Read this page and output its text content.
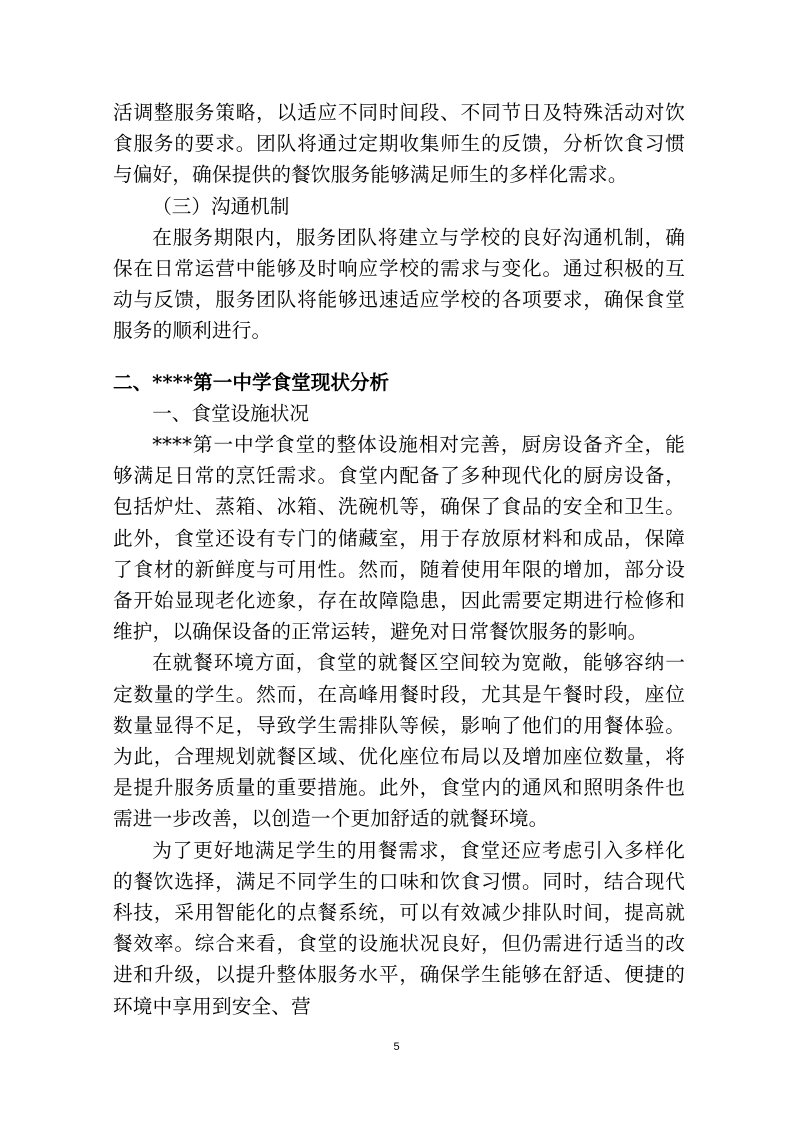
活调整服务策略，以适应不同时间段、不同节日及特殊活动对饮食服务的要求。团队将通过定期收集师生的反馈，分析饮食习惯与偏好，确保提供的餐饮服务能够满足师生的多样化需求。

（三）沟通机制

在服务期限内，服务团队将建立与学校的良好沟通机制，确保在日常运营中能够及时响应学校的需求与变化。通过积极的互动与反馈，服务团队将能够迅速适应学校的各项要求，确保食堂服务的顺利进行。

二、****第一中学食堂现状分析

一、食堂设施状况

****第一中学食堂的整体设施相对完善，厨房设备齐全，能够满足日常的烹饪需求。食堂内配备了多种现代化的厨房设备，包括炉灶、蒸箱、冰箱、洗碗机等，确保了食品的安全和卫生。此外，食堂还设有专门的储藏室，用于存放原材料和成品，保障了食材的新鲜度与可用性。然而，随着使用年限的增加，部分设备开始显现老化迹象，存在故障隐患，因此需要定期进行检修和维护，以确保设备的正常运转，避免对日常餐饮服务的影响。

在就餐环境方面，食堂的就餐区空间较为宽敞，能够容纳一定数量的学生。然而，在高峰用餐时段，尤其是午餐时段，座位数量显得不足，导致学生需排队等候，影响了他们的用餐体验。为此，合理规划就餐区域、优化座位布局以及增加座位数量，将是提升服务质量的重要措施。此外，食堂内的通风和照明条件也需进一步改善，以创造一个更加舒适的就餐环境。

为了更好地满足学生的用餐需求，食堂还应考虑引入多样化的餐饮选择，满足不同学生的口味和饮食习惯。同时，结合现代科技，采用智能化的点餐系统，可以有效减少排队时间，提高就餐效率。综合来看，食堂的设施状况良好，但仍需进行适当的改进和升级，以提升整体服务水平，确保学生能够在舒适、便捷的环境中享用到安全、营

5
